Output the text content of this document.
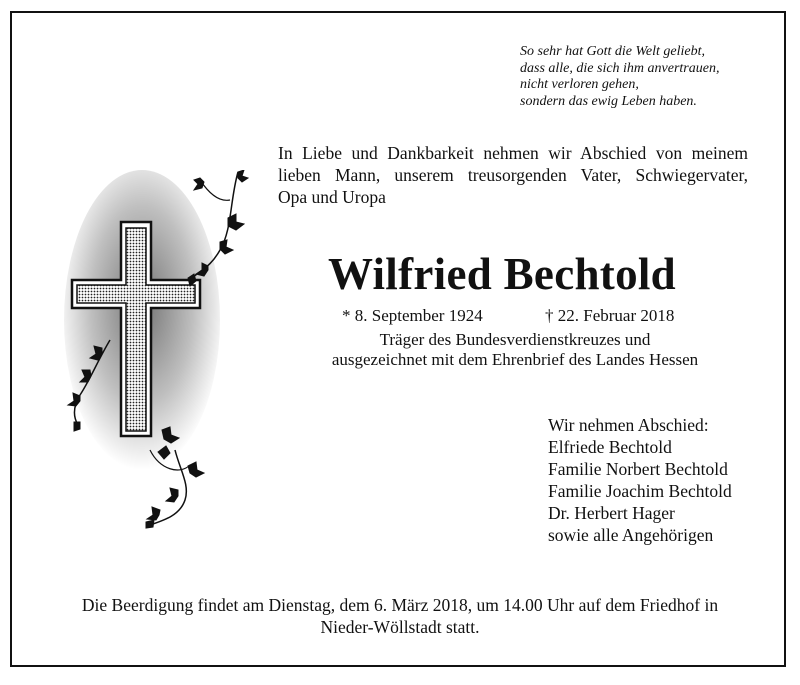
So sehr hat Gott die Welt geliebt,
dass alle, die sich ihm anvertrauen,
nicht verloren gehen,
sondern das ewig Leben haben.
In Liebe und Dankbarkeit nehmen wir Abschied von meinem
lieben Mann, unserem treusorgenden Vater, Schwiegervater,
Opa und Uropa
Wilfried Bechtold
* 8. September 1924	† 22. Februar 2018
Träger des Bundesverdienstkreuzes und
ausgezeichnet mit dem Ehrenbrief des Landes Hessen
Wir nehmen Abschied:
Elfriede Bechtold
Familie Norbert Bechtold
Familie Joachim Bechtold
Dr. Herbert Hager
sowie alle Angehörigen
Die Beerdigung findet am Dienstag, dem 6. März 2018, um 14.00 Uhr auf dem Friedhof in
Nieder-Wöllstadt statt.
